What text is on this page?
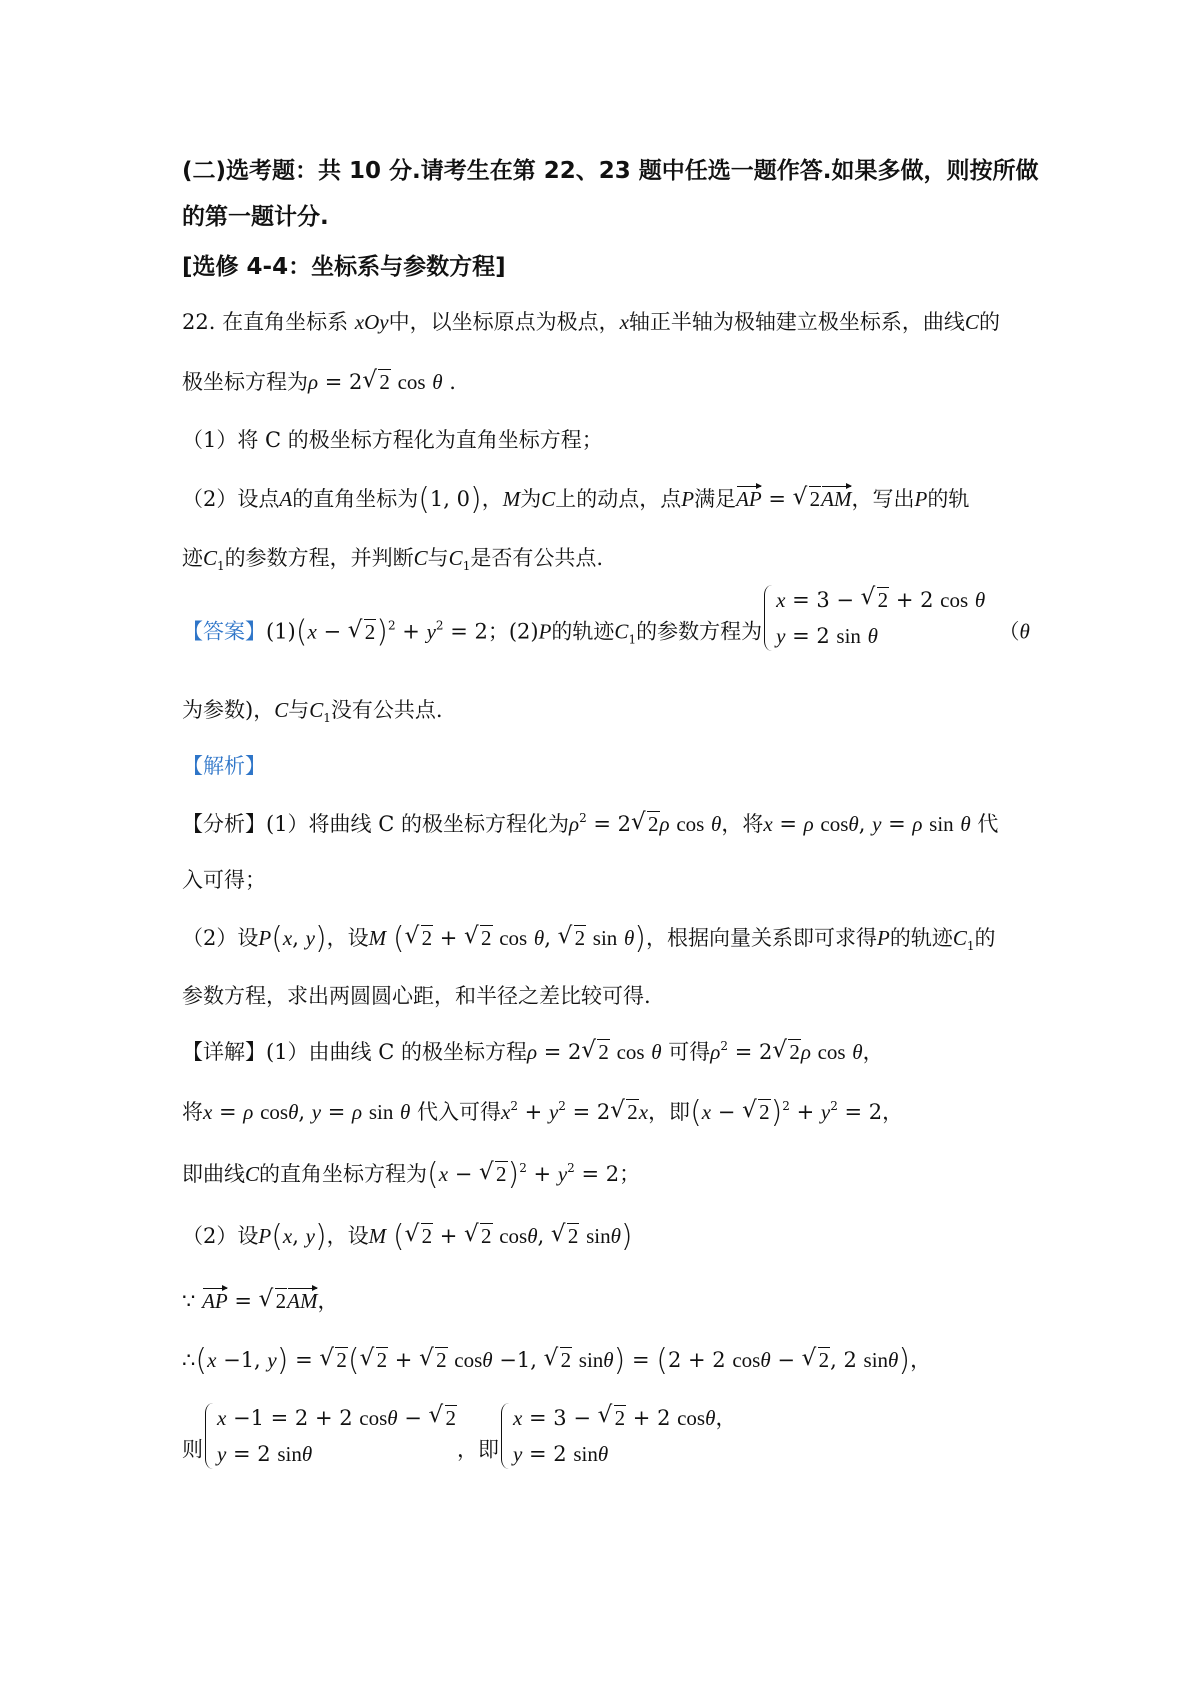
(二)选考题：共 10 分.请考生在第 22、23 题中任选一题作答.如果多做，则按所做
的第一题计分.
[选修 4-4：坐标系与参数方程]
22. 在直角坐标系 xOy中，以坐标原点为极点，x轴正半轴为极轴建立极坐标系，曲线C的
极坐标方程为ρ = 2√ 2 cos θ .
（1）将 C 的极坐标方程化为直角坐标方程；
（2）设点A的直角坐标为(1, 0)，M为C上的动点，点P满足AP = √ 2AM，写出P的轨
迹$C_1$的参数方程，并判断C与$C_1$是否有公共点.
【答案】(1)(x − √ $2)^2 + y^2 = 2$；(2)P的轨迹$C_1$的参数方程为
x = 3 − √ 2 + 2 cos θ
y = 2 sin θ	（θ
为参数)，C与$C_1$没有公共点.
【解析】
【分析】(1）将曲线 C 的极坐标方程化为$\rho^2 = 2√$ 2ρ cos θ，将x = ρ cosθ, y = ρ sin θ 代
入可得；
（2）设P(x, y)，设M (√ 2 + √ 2 cos θ, √ 2 sin θ)，根据向量关系即可求得P的轨迹$C_1$的
参数方程，求出两圆圆心距，和半径之差比较可得.
【详解】(1）由曲线 C 的极坐标方程ρ = 2√ 2 cos θ 可得$\rho^2 = 2√$ 2ρ cos θ，
将x = ρ cosθ, y = ρ sin θ 代入可得$x^2 + y^2 = 2√$ 2x，即(x − √ $2)^2 + y^2 = 2$，
即曲线C的直角坐标方程为(x − √ $2)^2 + y^2 = 2$；
（2）设P(x, y)，设M (√ 2 + √ 2 cosθ, √ 2 sinθ)
∵ AP = √ 2AM，
∴(x −1, y) = √ 2(√ 2 + √ 2 cosθ −1, √ 2 sinθ) = (2 + 2 cosθ − √ 2, 2 sinθ)，
则
x −1 = 2 + 2 cosθ − √ 2
y = 2 sinθ	，即
x = 3 − √ 2 + 2 cosθ，
y = 2 sinθ
